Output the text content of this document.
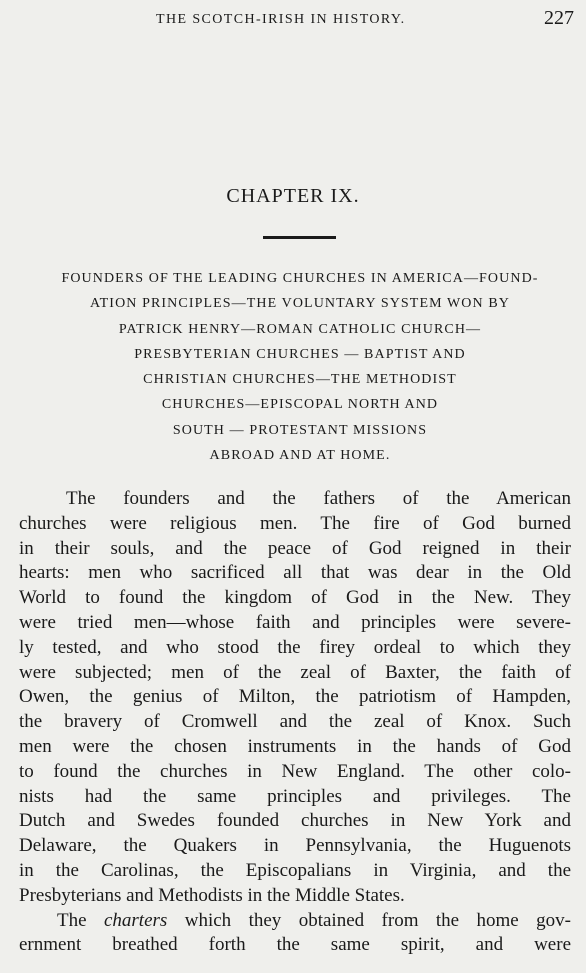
THE SCOTCH-IRISH IN HISTORY.	227
CHAPTER IX.
FOUNDERS OF THE LEADING CHURCHES IN AMERICA—FOUND-
ATION PRINCIPLES—THE VOLUNTARY SYSTEM WON BY
PATRICK HENRY—ROMAN CATHOLIC CHURCH—
PRESBYTERIAN CHURCHES — BAPTIST AND
CHRISTIAN CHURCHES—THE METHODIST
CHURCHES—EPISCOPAL NORTH AND
SOUTH — PROTESTANT MISSIONS
ABROAD AND AT HOME.
The founders and the fathers of the American
churches were religious men. The fire of God burned
in their souls, and the peace of God reigned in their
hearts: men who sacrificed all that was dear in the Old
World to found the kingdom of God in the New. They
were tried men—whose faith and principles were severe-
ly tested, and who stood the firey ordeal to which they
were subjected; men of the zeal of Baxter, the faith of
Owen, the genius of Milton, the patriotism of Hampden,
the bravery of Cromwell and the zeal of Knox. Such
men were the chosen instruments in the hands of God
to found the churches in New England. The other colo-
nists had the same principles and privileges. The
Dutch and Swedes founded churches in New York and
Delaware, the Quakers in Pennsylvania, the Huguenots
in the Carolinas, the Episcopalians in Virginia, and the
Presbyterians and Methodists in the Middle States.
The charters which they obtained from the home gov-
ernment breathed forth the same spirit, and were
